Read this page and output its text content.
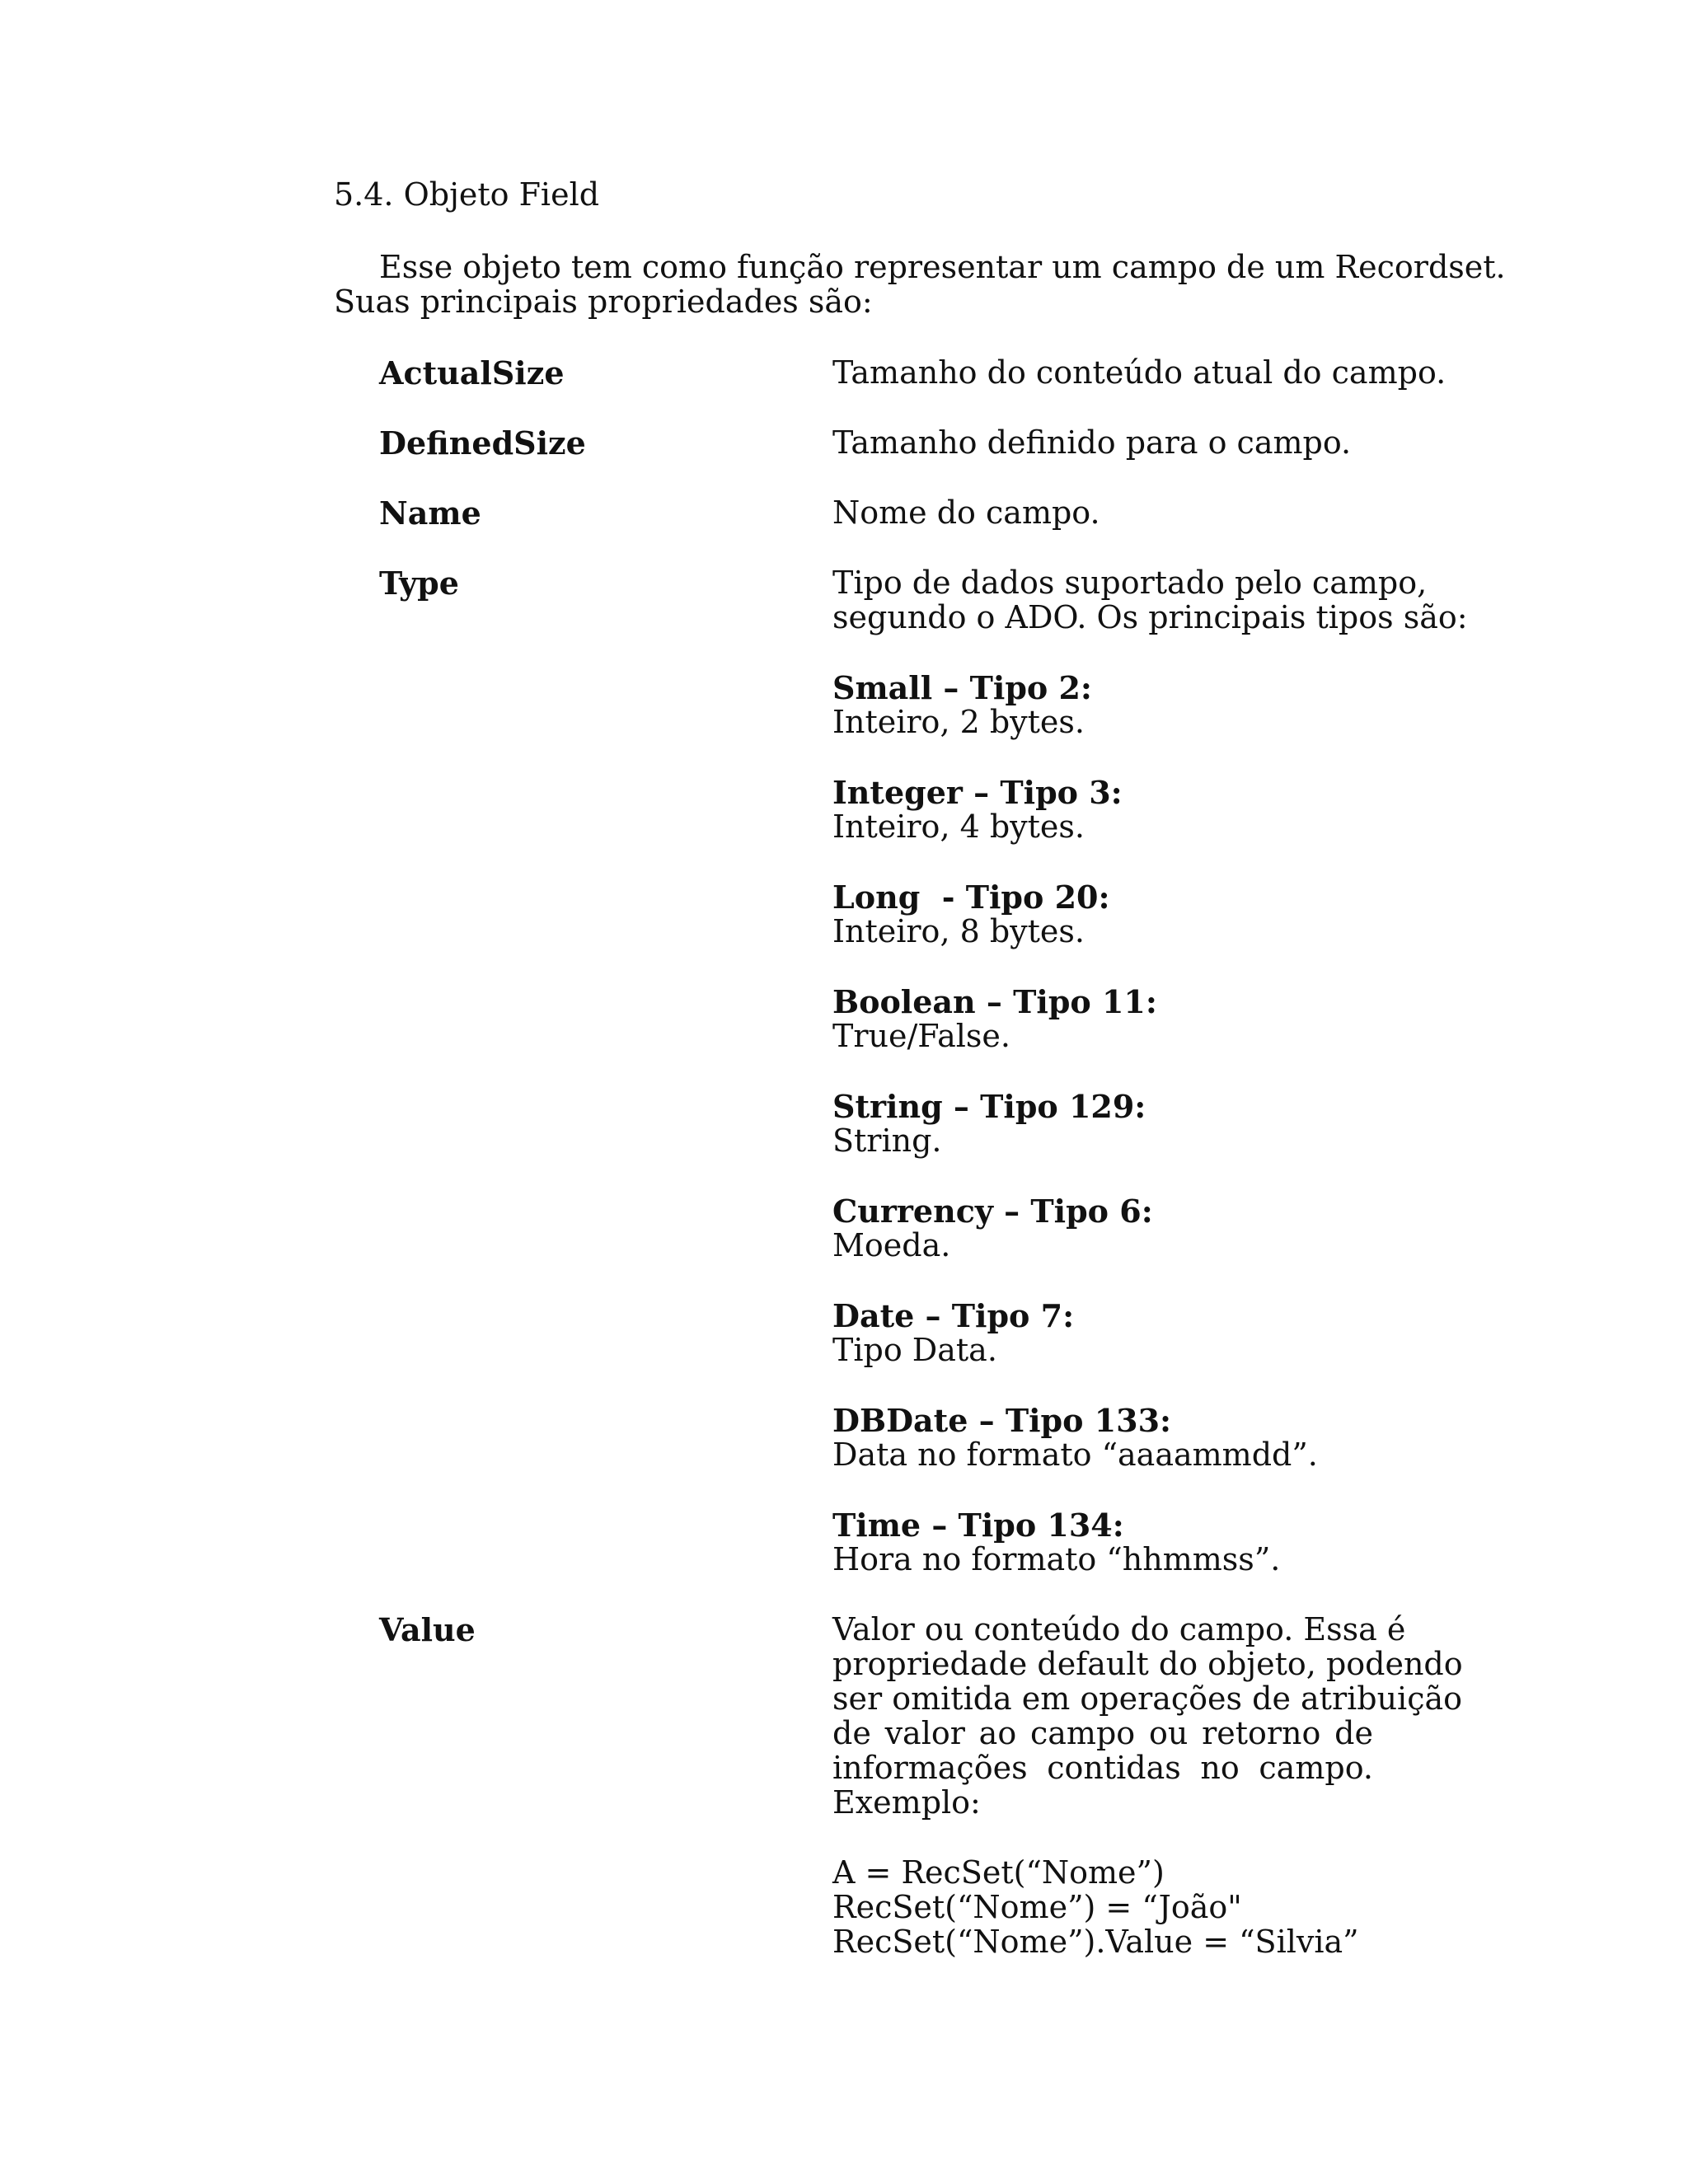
5.4. Objeto Field
Esse objeto tem como função representar um campo de um Recordset.
Suas principais propriedades são:
ActualSize	Tamanho do conteúdo atual do campo.
DefinedSize	Tamanho definido para o campo.
Name	Nome do campo.
Type	Tipo de dados suportado pelo campo,
segundo o ADO. Os principais tipos são:
Small – Tipo 2:
Inteiro, 2 bytes.
Integer – Tipo 3:
Inteiro, 4 bytes.
Long  - Tipo 20:
Inteiro, 8 bytes.
Boolean – Tipo 11:
True/False.
String – Tipo 129:
String.
Currency – Tipo 6:
Moeda.
Date – Tipo 7:
Tipo Data.
DBDate – Tipo 133:
Data no formato “aaaammdd”.
Time – Tipo 134:
Hora no formato “hhmmss”.
Value	Valor ou conteúdo do campo. Essa é
propriedade default do objeto, podendo
ser omitida em operações de atribuição
de valor ao campo ou retorno de
informações contidas no campo.
Exemplo:
A = RecSet(“Nome”)
RecSet(“Nome”) = “João"
RecSet(“Nome”).Value = “Silvia”
